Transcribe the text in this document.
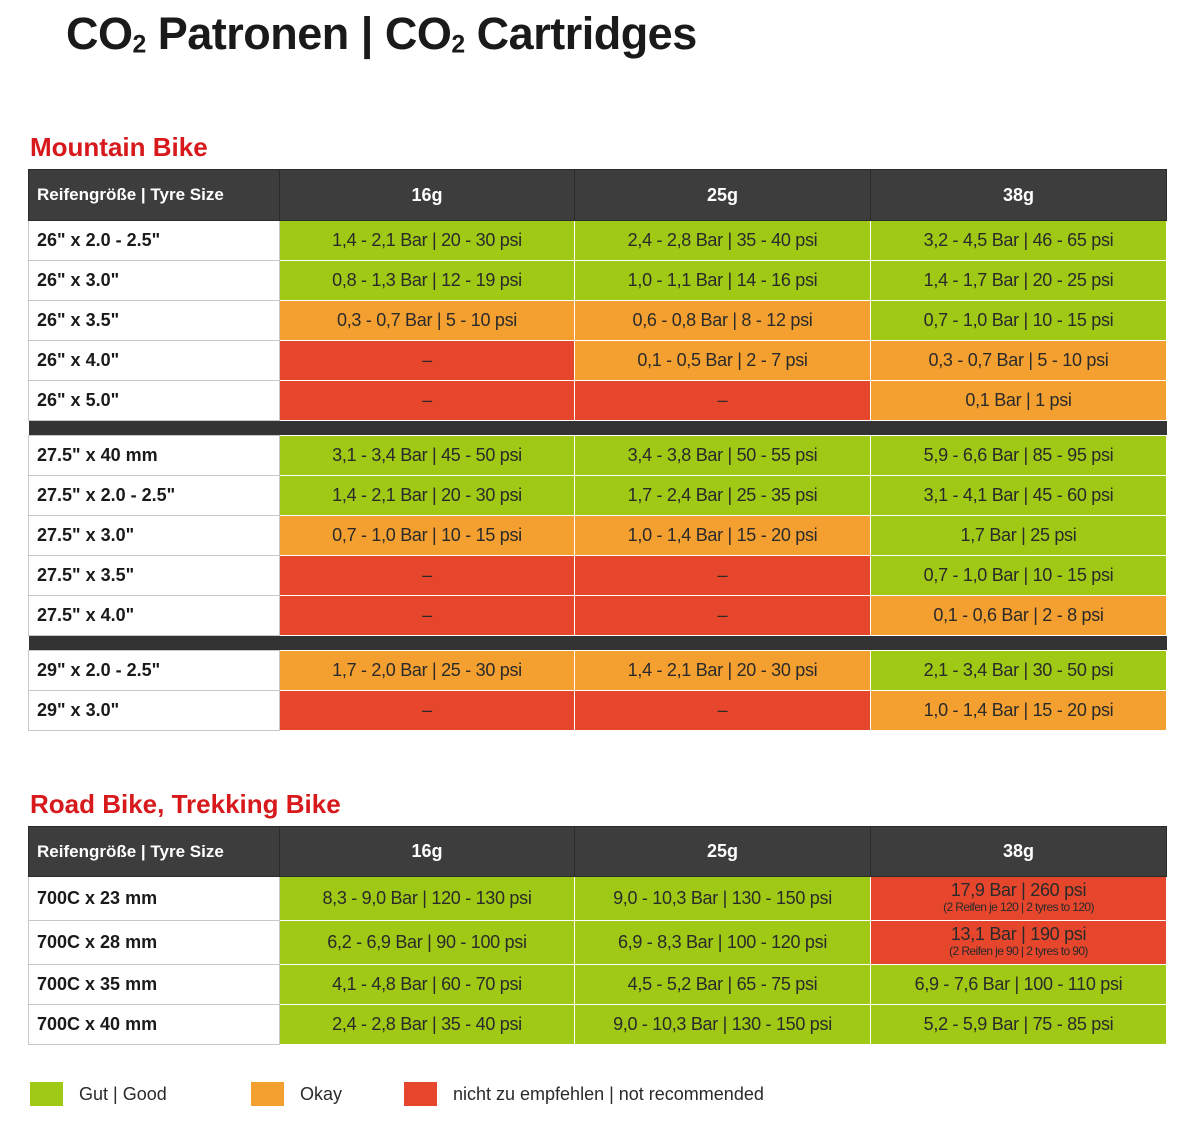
$CO_2$ Patronen | $CO_2$ Cartridges
Mountain Bike
Reifengröße | Tyre Size	16g	25g	38g
26" x 2.0 - 2.5"	1,4 - 2,1 Bar | 20 - 30 psi	2,4 - 2,8 Bar | 35 - 40 psi	3,2 - 4,5 Bar | 46 - 65 psi
26" x 3.0"	0,8 - 1,3 Bar | 12 - 19 psi	1,0 - 1,1 Bar | 14 - 16 psi	1,4 - 1,7 Bar | 20 - 25 psi
26" x 3.5"	0,3 - 0,7 Bar | 5 - 10 psi	0,6 - 0,8 Bar | 8 - 12 psi	0,7 - 1,0 Bar | 10 - 15 psi
26" x 4.0"	–	0,1 - 0,5 Bar | 2 - 7 psi	0,3 - 0,7 Bar | 5 - 10 psi
26" x 5.0"	–	–	0,1 Bar | 1 psi

27.5" x 40 mm	3,1 - 3,4 Bar | 45 - 50 psi	3,4 - 3,8 Bar | 50 - 55 psi	5,9 - 6,6 Bar | 85 - 95 psi
27.5" x 2.0 - 2.5"	1,4 - 2,1 Bar | 20 - 30 psi	1,7 - 2,4 Bar | 25 - 35 psi	3,1 - 4,1 Bar | 45 - 60 psi
27.5" x 3.0"	0,7 - 1,0 Bar | 10 - 15 psi	1,0 - 1,4 Bar | 15 - 20 psi	1,7 Bar | 25 psi
27.5" x 3.5"	–	–	0,7 - 1,0 Bar | 10 - 15 psi
27.5" x 4.0"	–	–	0,1 - 0,6 Bar | 2 - 8 psi

29" x 2.0 - 2.5"	1,7 - 2,0 Bar | 25 - 30 psi	1,4 - 2,1 Bar | 20 - 30 psi	2,1 - 3,4 Bar | 30 - 50 psi
29" x 3.0"	–	–	1,0 - 1,4 Bar | 15 - 20 psi
Road Bike, Trekking Bike
Reifengröße | Tyre Size	16g	25g	38g
700C x 23 mm	8,3 - 9,0 Bar | 120 - 130 psi	9,0 - 10,3 Bar | 130 - 150 psi	17,9 Bar | 260 psi
(2 Reifen je 120 | 2 tyres to 120)

700C x 28 mm	6,2 - 6,9 Bar | 90 - 100 psi	6,9 - 8,3 Bar | 100 - 120 psi	13,1 Bar | 190 psi
(2 Reifen je 90 | 2 tyres to 90)

700C x 35 mm	4,1 - 4,8 Bar | 60 - 70 psi	4,5 - 5,2 Bar | 65 - 75 psi	6,9 - 7,6 Bar | 100 - 110 psi
700C x 40 mm	2,4 - 2,8 Bar | 35 - 40 psi	9,0 - 10,3 Bar | 130 - 150 psi	5,2 - 5,9 Bar | 75 - 85 psi
Gut | Good	Okay	nicht zu empfehlen | not recommended
